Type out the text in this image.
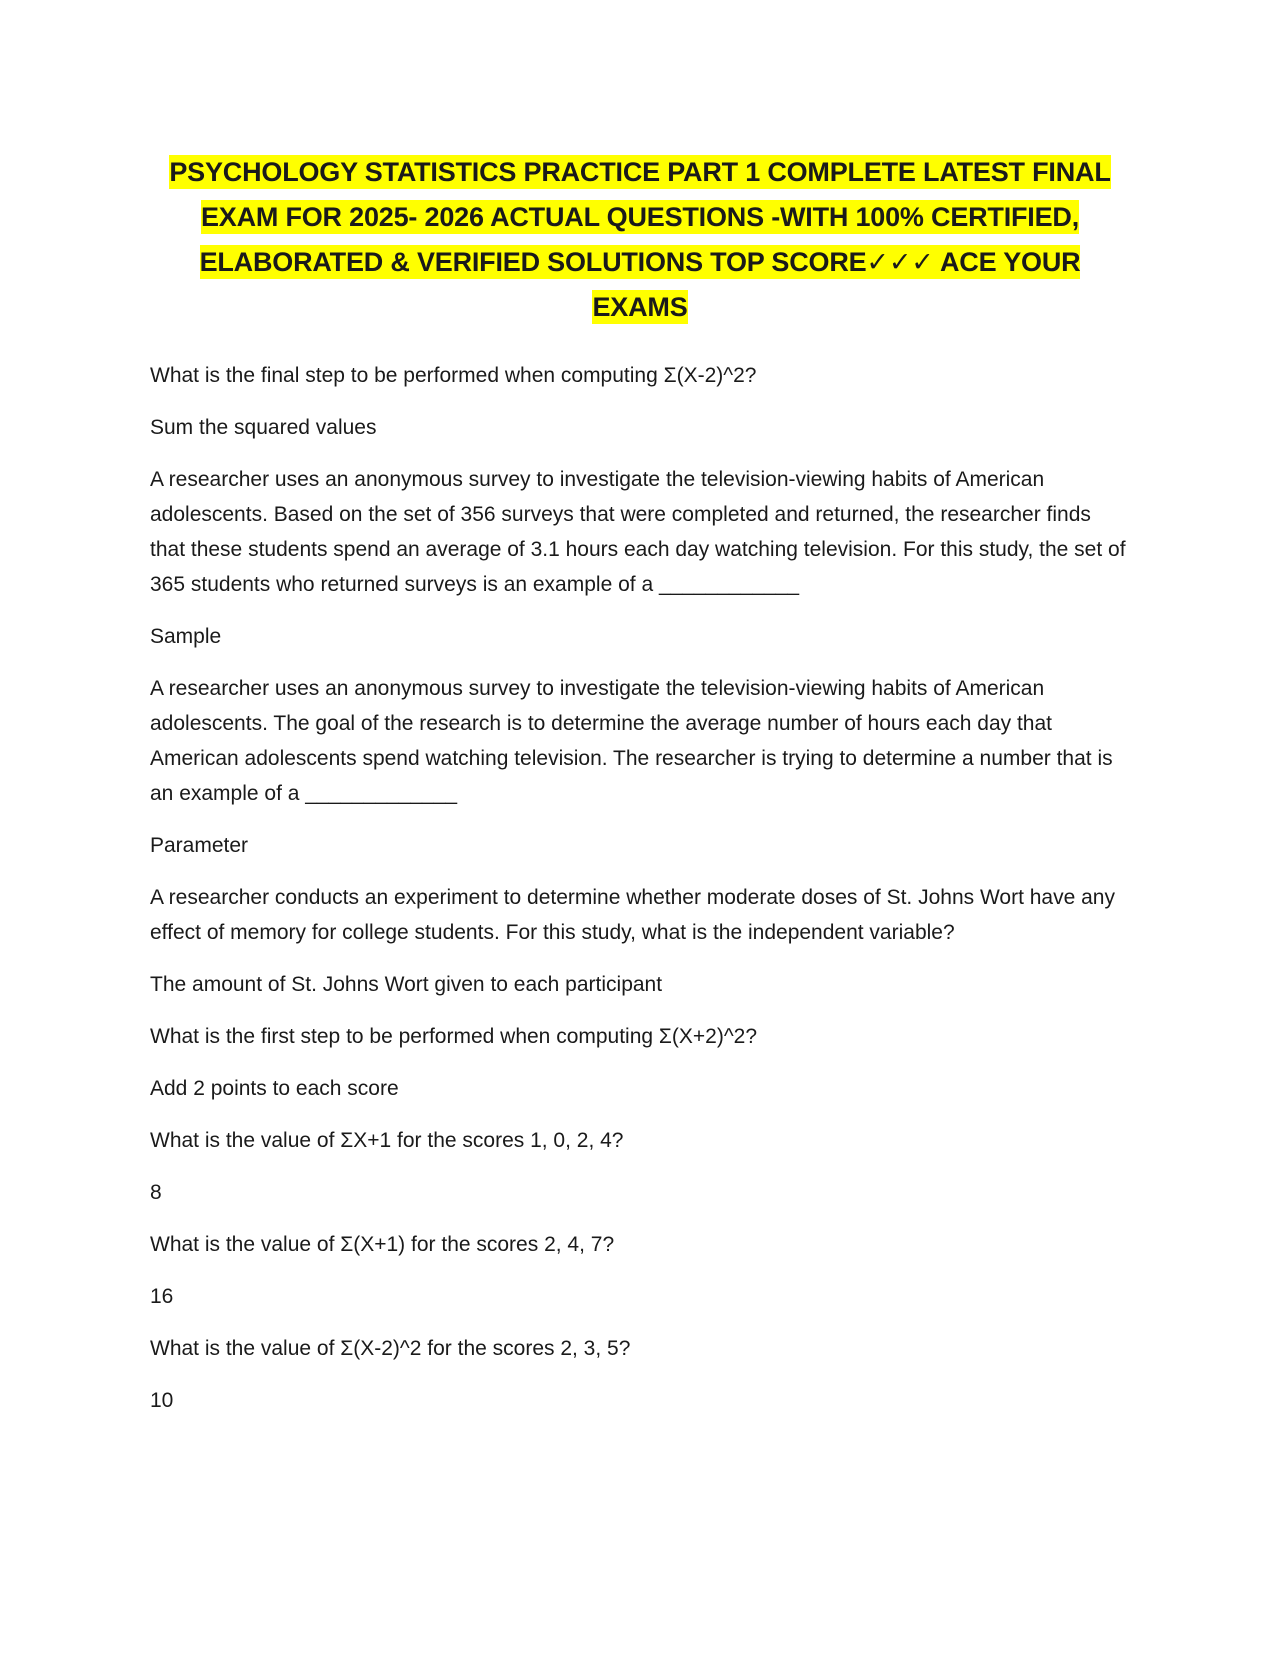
PSYCHOLOGY STATISTICS PRACTICE PART 1 COMPLETE LATEST FINAL EXAM FOR 2025- 2026 ACTUAL QUESTIONS -WITH 100% CERTIFIED, ELABORATED & VERIFIED SOLUTIONS TOP SCORE✓✓✓ ACE YOUR EXAMS

What is the final step to be performed when computing Σ(X-2)^2?

Sum the squared values

A researcher uses an anonymous survey to investigate the television-viewing habits of American adolescents. Based on the set of 356 surveys that were completed and returned, the researcher finds that these students spend an average of 3.1 hours each day watching television. For this study, the set of 365 students who returned surveys is an example of a ____________

Sample

A researcher uses an anonymous survey to investigate the television-viewing habits of American adolescents. The goal of the research is to determine the average number of hours each day that American adolescents spend watching television. The researcher is trying to determine a number that is an example of a _____________

Parameter

A researcher conducts an experiment to determine whether moderate doses of St. Johns Wort have any effect of memory for college students. For this study, what is the independent variable?

The amount of St. Johns Wort given to each participant

What is the first step to be performed when computing Σ(X+2)^2?

Add 2 points to each score

What is the value of ΣX+1 for the scores 1, 0, 2, 4?

8

What is the value of Σ(X+1) for the scores 2, 4, 7?

16

What is the value of Σ(X-2)^2 for the scores 2, 3, 5?

10
